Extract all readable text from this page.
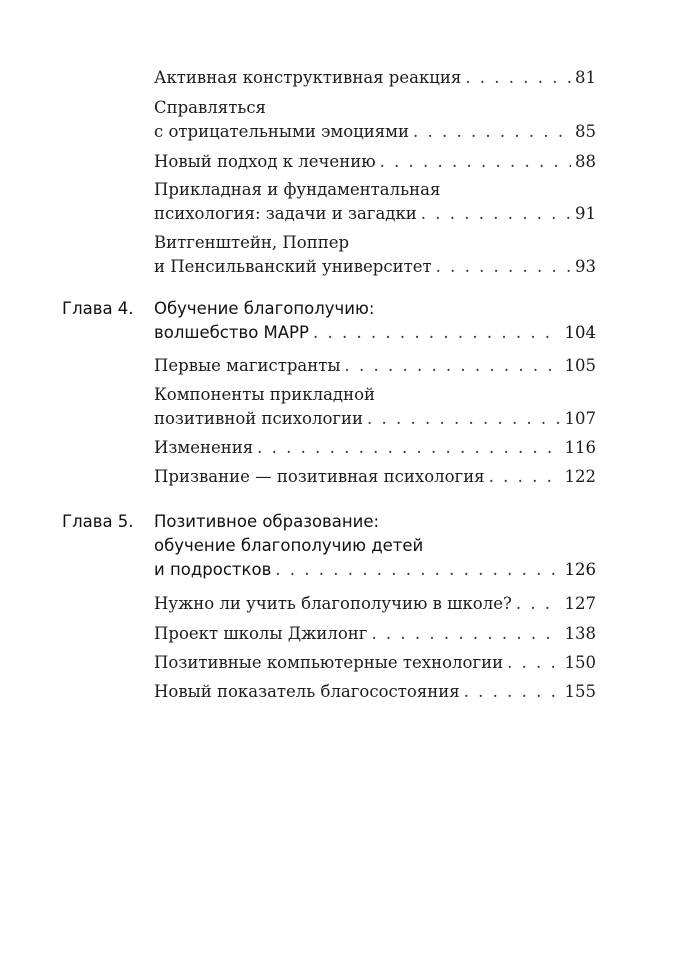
Активная конструктивная реакция . . .	81
Справляться
с отрицательными эмоциями . . .	85
Новый подход к лечению . . .	88
Прикладная и фундаментальная
психология: задачи и загадки . . .	91
Витгенштейн, Поппер
и Пенсильванский университет . . .	93
Глава 4. Обучение благополучию:
волшебство MAPP . . .	104
Первые магистранты . . .	105
Компоненты прикладной
позитивной психологии . . .	107
Изменения . . .	116
Призвание — позитивная психология . . .	122
Глава 5. Позитивное образование:
обучение благополучию детей
и подростков . . .	126
Нужно ли учить благополучию в школе? . . .	127
Проект школы Джилонг . . .	138
Позитивные компьютерные технологии . . .	150
Новый показатель благосостояния . . .	155
